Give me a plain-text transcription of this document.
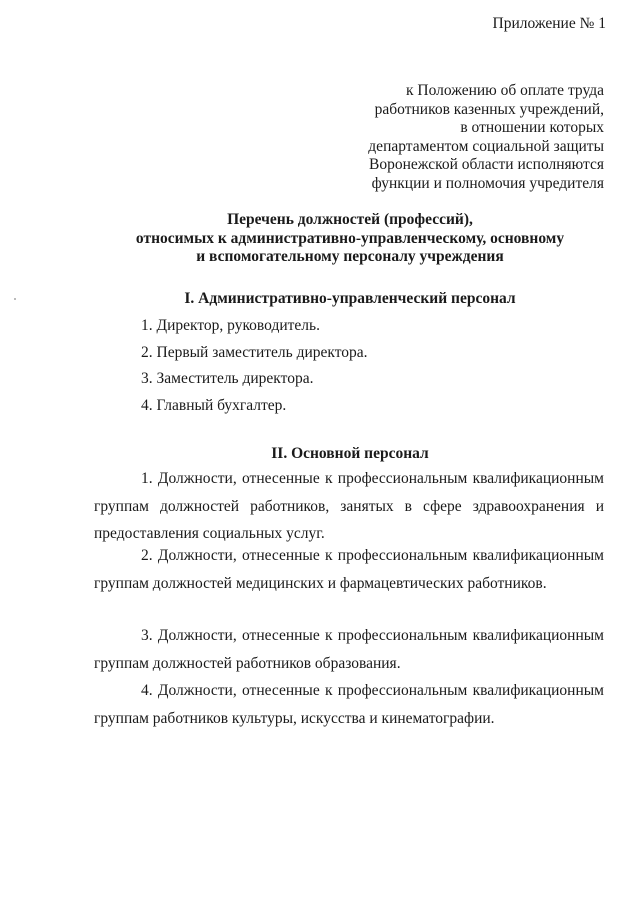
Приложение № 1
к Положению об оплате труда
работников казенных учреждений,
в отношении которых
департаментом социальной защиты
Воронежской области исполняются
функции и полномочия учредителя
Перечень должностей (профессий),
относимых к административно-управленческому, основному
и вспомогательному персоналу учреждения
I. Административно-управленческий персонал
1. Директор, руководитель.
2. Первый заместитель директора.
3. Заместитель директора.
4. Главный бухгалтер.
II. Основной персонал
1. Должности, отнесенные к профессиональным квалификационным группам должностей работников, занятых в сфере здравоохранения и предоставления социальных услуг.
2. Должности, отнесенные к профессиональным квалификационным группам должностей медицинских и фармацевтических работников.
3. Должности, отнесенные к профессиональным квалификационным группам должностей работников образования.
4. Должности, отнесенные к профессиональным квалификационным группам работников культуры, искусства и кинематографии.
